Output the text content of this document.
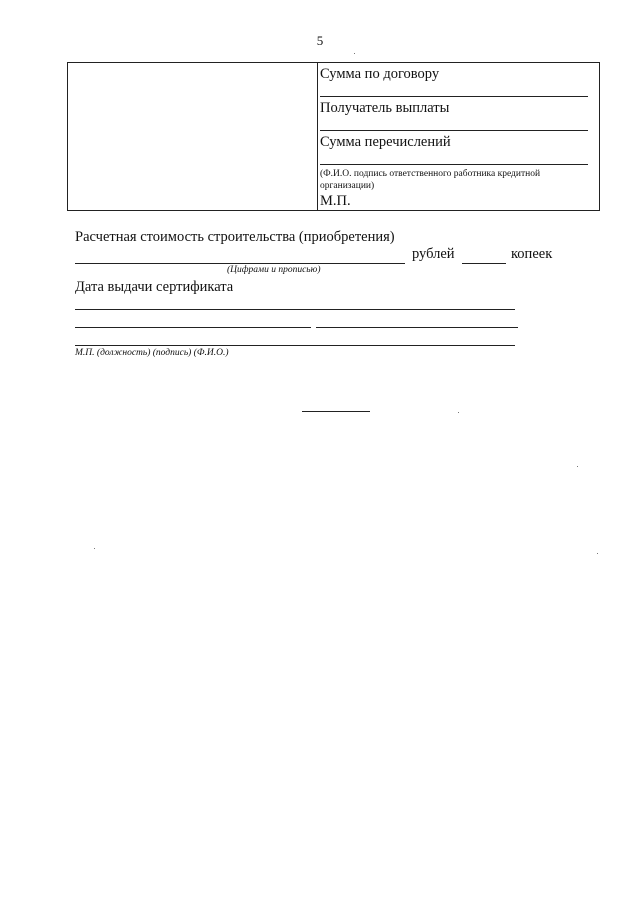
5
Сумма по договору
Получатель выплаты
Сумма перечислений
(Ф.И.О. подпись ответственного работника кредитной организации)
М.П.
Расчетная стоимость строительства (приобретения)
рублей	копеек
(Цифрами и прописью)
Дата выдачи сертификата
М.П. (должность) (подпись) (Ф.И.О.)
